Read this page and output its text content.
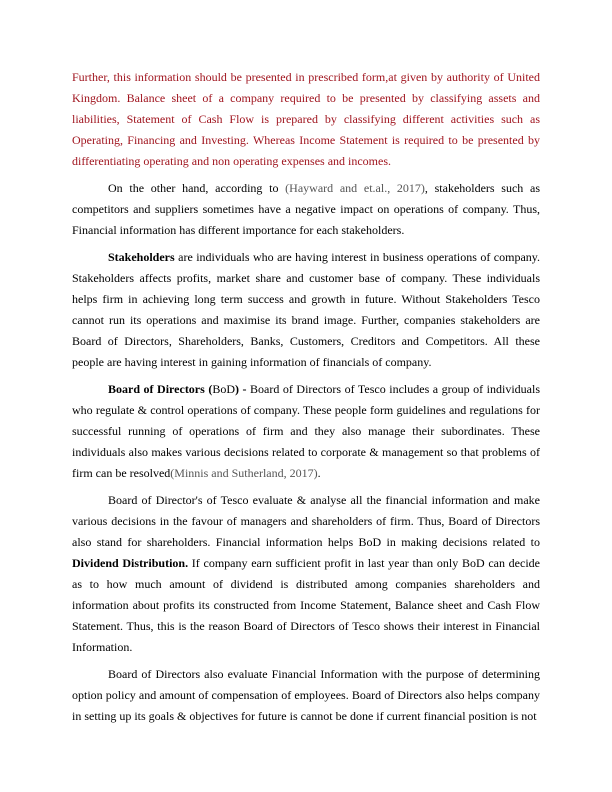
Further, this information should be presented in prescribed form,at given by authority of United Kingdom. Balance sheet of a company required to be presented by classifying assets and liabilities, Statement of Cash Flow is prepared by classifying different activities such as Operating, Financing and Investing. Whereas Income Statement is required to be presented by differentiating operating and non operating expenses and incomes.

On the other hand, according to (Hayward and et.al., 2017), stakeholders such as competitors and suppliers sometimes have a negative impact on operations of company. Thus, Financial information has different importance for each stakeholders.

Stakeholders are individuals who are having interest in business operations of company. Stakeholders affects profits, market share and customer base of company. These individuals helps firm in achieving long term success and growth in future. Without Stakeholders Tesco cannot run its operations and maximise its brand image. Further, companies stakeholders are Board of Directors, Shareholders, Banks, Customers, Creditors and Competitors. All these people are having interest in gaining information of financials of company.

Board of Directors (BoD) - Board of Directors of Tesco includes a group of individuals who regulate & control operations of company. These people form guidelines and regulations for successful running of operations of firm and they also manage their subordinates. These individuals also makes various decisions related to corporate & management so that problems of firm can be resolved(Minnis and Sutherland, 2017).

Board of Director's of Tesco evaluate & analyse all the financial information and make various decisions in the favour of managers and shareholders of firm. Thus, Board of Directors also stand for shareholders. Financial information helps BoD in making decisions related to Dividend Distribution. If company earn sufficient profit in last year than only BoD can decide as to how much amount of dividend is distributed among companies shareholders and information about profits its constructed from Income Statement, Balance sheet and Cash Flow Statement. Thus, this is the reason Board of Directors of Tesco shows their interest in Financial Information.

Board of Directors also evaluate Financial Information with the purpose of determining option policy and amount of compensation of employees. Board of Directors also helps company in setting up its goals & objectives for future is cannot be done if current financial position is not
